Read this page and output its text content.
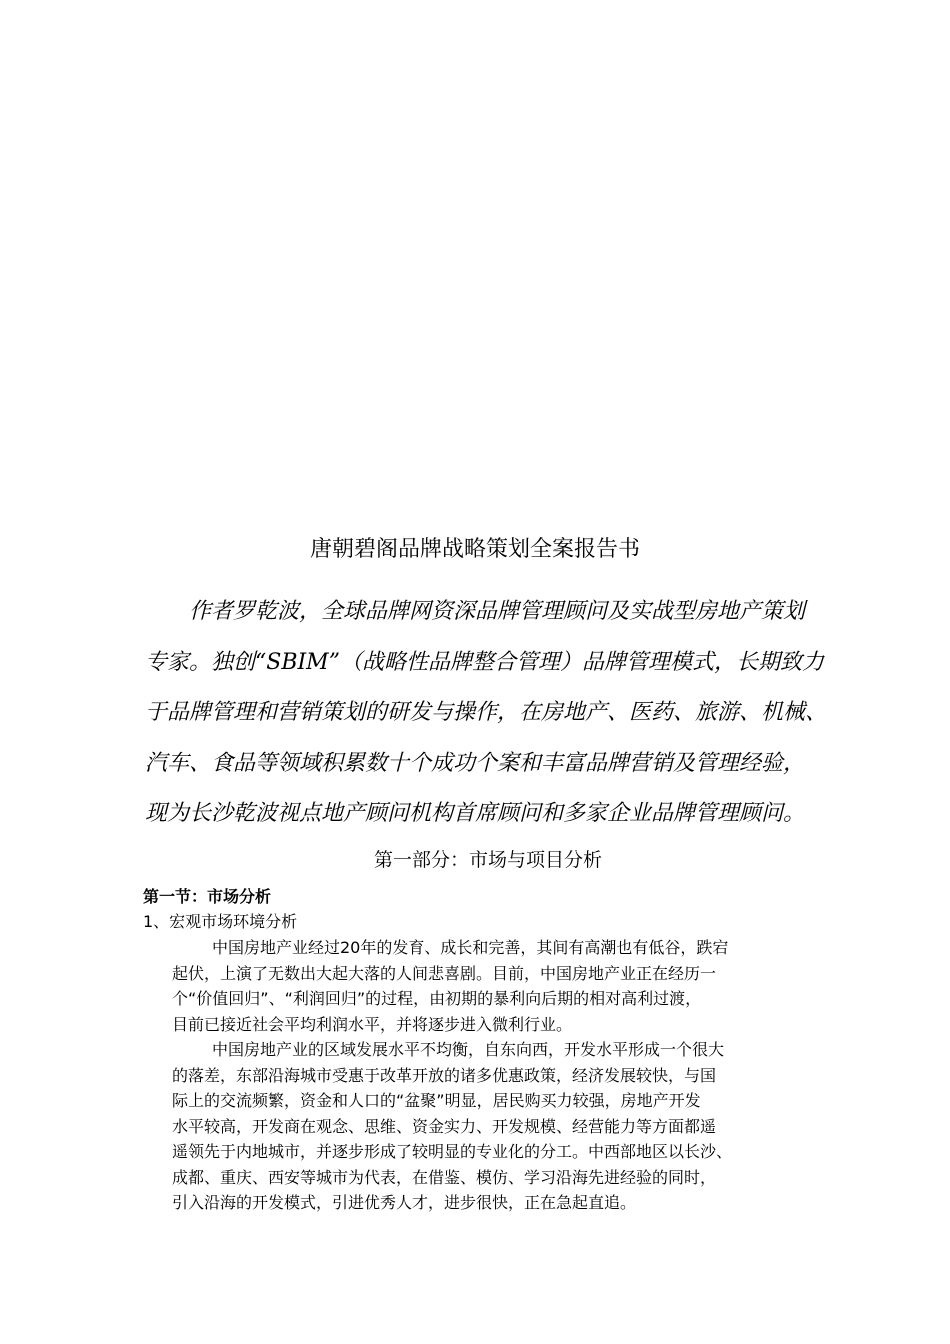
唐朝碧阁品牌战略策划全案报告书
作者罗乾波，全球品牌网资深品牌管理顾问及实战型房地产策划
专家。独创“SBIM”（战略性品牌整合管理）品牌管理模式，长期致力
于品牌管理和营销策划的研发与操作，在房地产、医药、旅游、机械、
汽车、食品等领域积累数十个成功个案和丰富品牌营销及管理经验，
现为长沙乾波视点地产顾问机构首席顾问和多家企业品牌管理顾问。
第一部分：市场与项目分析
第一节：市场分析
1、宏观市场环境分析
中国房地产业经过20年的发育、成长和完善，其间有高潮也有低谷，跌宕
起伏，上演了无数出大起大落的人间悲喜剧。目前，中国房地产业正在经历一
个“价值回归”、“利润回归”的过程，由初期的暴利向后期的相对高利过渡，
目前已接近社会平均利润水平，并将逐步进入微利行业。
中国房地产业的区域发展水平不均衡，自东向西，开发水平形成一个很大
的落差，东部沿海城市受惠于改革开放的诸多优惠政策，经济发展较快，与国
际上的交流频繁，资金和人口的“盆聚”明显，居民购买力较强，房地产开发
水平较高，开发商在观念、思维、资金实力、开发规模、经营能力等方面都遥
遥领先于内地城市，并逐步形成了较明显的专业化的分工。中西部地区以长沙、
成都、重庆、西安等城市为代表，在借鉴、模仿、学习沿海先进经验的同时，
引入沿海的开发模式，引进优秀人才，进步很快，正在急起直追。
